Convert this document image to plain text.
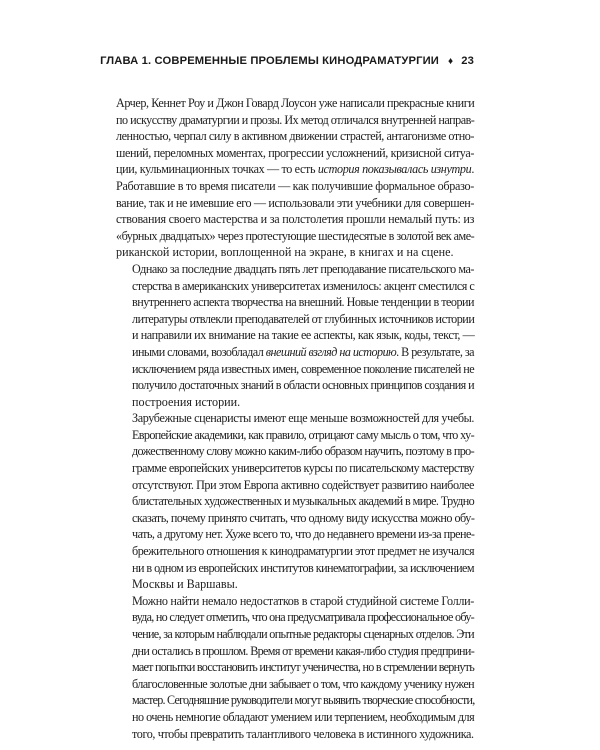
ГЛАВА 1. СОВРЕМЕННЫЕ ПРОБЛЕМЫ КИНОДРАМАТУРГИИ ♦ 23

Арчер, Кеннет Роу и Джон Говард Лоусон уже написали прекрасные книги
по искусству драматургии и прозы. Их метод отличался внутренней направ-
ленностью, черпал силу в активном движении страстей, антагонизме отно-
шений, переломных моментах, прогрессии усложнений, кризисной ситуа-
ции, кульминационных точках — то есть история показывалась изнутри.
Работавшие в то время писатели — как получившие формальное образо-
вание, так и не имевшие его — использовали эти учебники для совершен-
ствования своего мастерства и за полстолетия прошли немалый путь: из
«бурных двадцатых» через протестующие шестидесятые в золотой век аме-
риканской истории, воплощенной на экране, в книгах и на сцене.

Однако за последние двадцать пять лет преподавание писательского ма-
стерства в американских университетах изменилось: акцент сместился с
внутреннего аспекта творчества на внешний. Новые тенденции в теории
литературы отвлекли преподавателей от глубинных источников истории
и направили их внимание на такие ее аспекты, как язык, коды, текст, —
иными словами, возобладал внешний взгляд на историю. В результате, за
исключением ряда известных имен, современное поколение писателей не
получило достаточных знаний в области основных принципов создания и
построения истории.

Зарубежные сценаристы имеют еще меньше возможностей для учебы.
Европейские академики, как правило, отрицают саму мысль о том, что ху-
дожественному слову можно каким-либо образом научить, поэтому в про-
грамме европейских университетов курсы по писательскому мастерству
отсутствуют. При этом Европа активно содействует развитию наиболее
блистательных художественных и музыкальных академий в мире. Трудно
сказать, почему принято считать, что одному виду искусства можно обу-
чать, а другому нет. Хуже всего то, что до недавнего времени из-за прене-
брежительного отношения к кинодраматургии этот предмет не изучался
ни в одном из европейских институтов кинематографии, за исключением
Москвы и Варшавы.

Можно найти немало недостатков в старой студийной системе Голли-
вуда, но следует отметить, что она предусматривала профессиональное обу-
чение, за которым наблюдали опытные редакторы сценарных отделов. Эти
дни остались в прошлом. Время от времени какая-либо студия предприни-
мает попытки восстановить институт ученичества, но в стремлении вернуть
благословенные золотые дни забывает о том, что каждому ученику нужен
мастер. Сегодняшние руководители могут выявить творческие способности,
но очень немногие обладают умением или терпением, необходимым для
того, чтобы превратить талантливого человека в истинного художника.
